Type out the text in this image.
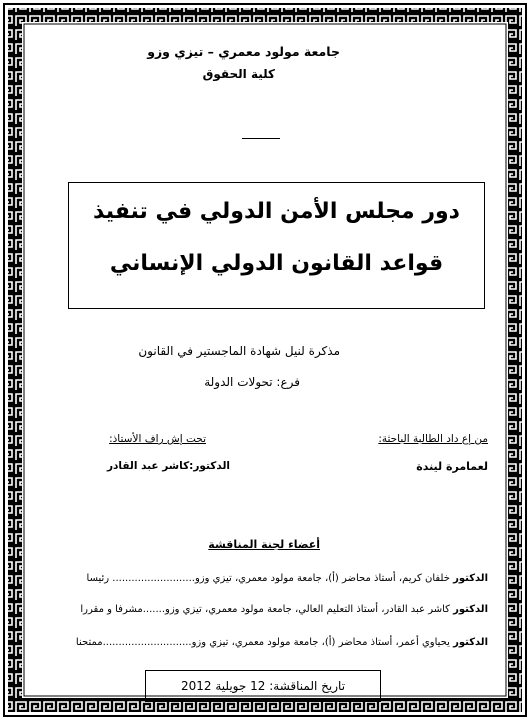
جامعة مولود معمري – تيزي وزو
كلية الحقوق
دور مجلس الأمن الدولي في تنفيذ
قواعد القانون الدولي الإنساني
مذكرة لنيل شهادة الماجستير في القانون
فرع: تحولات الدولة
من إع داد الطالبة الباحثة:
تحت إش راف الأستاذ:
لعمامرة ليندة
الدكتور:كاشر عبد القادر
أعضاء لجنة المناقشة
الدكتور خلفان كريم، أستاذ محاضر (أ)، جامعة مولود معمري، تيزي وزو.......................... رئيسا
الدكتور كاشر عبد القادر، أستاذ التعليم العالي، جامعة مولود معمري، تيزي وزو.......مشرفا و مقررا
الدكتور يحياوي أعمر، أستاذ محاضر (أ)، جامعة مولود معمري، تيزي وزو............................ممتحنا
تاريخ المناقشة: 12 جويلية 2012
